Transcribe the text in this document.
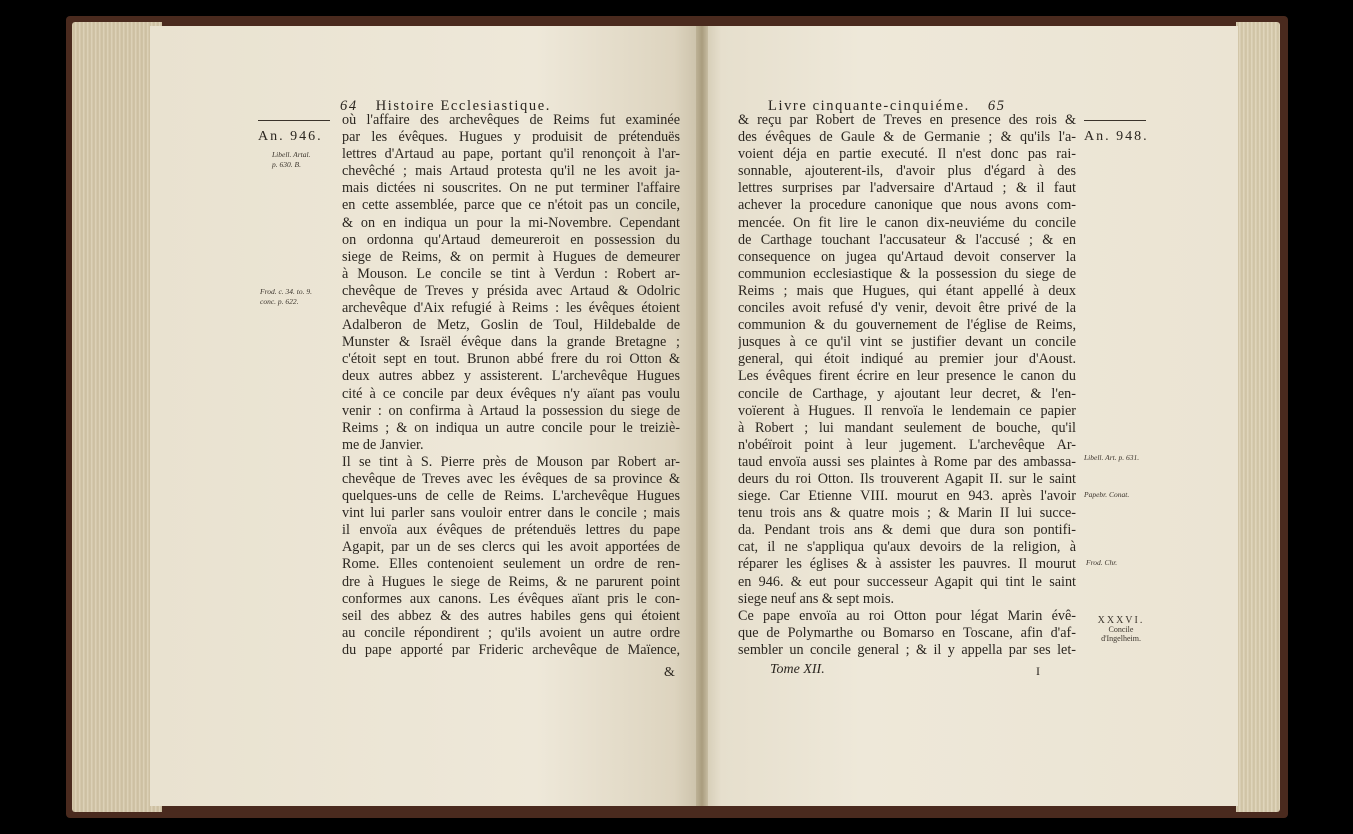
64 Histoire Ecclesiastique.
An. 946.
Libell. Artal.
p. 630. B.
Frod. c. 34. to. 9.
conc. p. 622.
où l'affaire des archevêques de Reims fut examinée
par les évêques. Hugues y produisit de prétenduës
lettres d'Artaud au pape, portant qu'il renonçoit à l'ar-
chevêché ; mais Artaud protesta qu'il ne les avoit ja-
mais dictées ni souscrites. On ne put terminer l'affaire
en cette assemblée, parce que ce n'étoit pas un concile,
& on en indiqua un pour la mi-Novembre. Cependant
on ordonna qu'Artaud demeureroit en possession du
siege de Reims, & on permit à Hugues de demeurer
à Mouson. Le concile se tint à Verdun : Robert ar-
chevêque de Treves y présida avec Artaud & Odolric
archevêque d'Aix refugié à Reims : les évêques étoient
Adalberon de Metz, Goslin de Toul, Hildebalde de
Munster & Israël évêque dans la grande Bretagne ;
c'étoit sept en tout. Brunon abbé frere du roi Otton &
deux autres abbez y assisterent. L'archevêque Hugues
cité à ce concile par deux évêques n'y aïant pas voulu
venir : on confirma à Artaud la possession du siege de
Reims ; & on indiqua un autre concile pour le treiziè-
me de Janvier.
Il se tint à S. Pierre près de Mouson par Robert ar-
chevêque de Treves avec les évêques de sa province &
quelques-uns de celle de Reims. L'archevêque Hugues
vint lui parler sans vouloir entrer dans le concile ; mais
il envoïa aux évêques de prétenduës lettres du pape
Agapit, par un de ses clercs qui les avoit apportées de
Rome. Elles contenoient seulement un ordre de ren-
dre à Hugues le siege de Reims, & ne parurent point
conformes aux canons. Les évêques aïant pris le con-
seil des abbez & des autres habiles gens qui étoient
au concile répondirent ; qu'ils avoient un autre ordre
du pape apporté par Frideric archevêque de Maïence,
&
Livre cinquante-cinquiéme. 65
An. 948.
Libell. Art. p. 631.
Papebr. Conat.
Frod. Chr.
XXXVI.
Concile d'Ingelheim.
& reçu par Robert de Treves en presence des rois &
des évêques de Gaule & de Germanie ; & qu'ils l'a-
voient déja en partie executé. Il n'est donc pas rai-
sonnable, ajouterent-ils, d'avoir plus d'égard à des
lettres surprises par l'adversaire d'Artaud ; & il faut
achever la procedure canonique que nous avons com-
mencée. On fit lire le canon dix-neuviéme du concile
de Carthage touchant l'accusateur & l'accusé ; & en
consequence on jugea qu'Artaud devoit conserver la
communion ecclesiastique & la possession du siege de
Reims ; mais que Hugues, qui étant appellé à deux
conciles avoit refusé d'y venir, devoit être privé de la
communion & du gouvernement de l'église de Reims,
jusques à ce qu'il vint se justifier devant un concile
general, qui étoit indiqué au premier jour d'Aoust.
Les évêques firent écrire en leur presence le canon du
concile de Carthage, y ajoutant leur decret, & l'en-
voïerent à Hugues. Il renvoïa le lendemain ce papier
à Robert ; lui mandant seulement de bouche, qu'il
n'obéïroit point à leur jugement. L'archevêque Ar-
taud envoïa aussi ses plaintes à Rome par des ambassa-
deurs du roi Otton. Ils trouverent Agapit II. sur le saint
siege. Car Etienne VIII. mourut en 943. après l'avoir
tenu trois ans & quatre mois ; & Marin II lui succe-
da. Pendant trois ans & demi que dura son pontifi-
cat, il ne s'appliqua qu'aux devoirs de la religion, à
réparer les églises & à assister les pauvres. Il mourut
en 946. & eut pour successeur Agapit qui tint le saint
siege neuf ans & sept mois.
Ce pape envoïa au roi Otton pour légat Marin évê-
que de Polymarthe ou Bomarso en Toscane, afin d'af-
sembler un concile general ; & il y appella par ses let-
Tome XII.	I
